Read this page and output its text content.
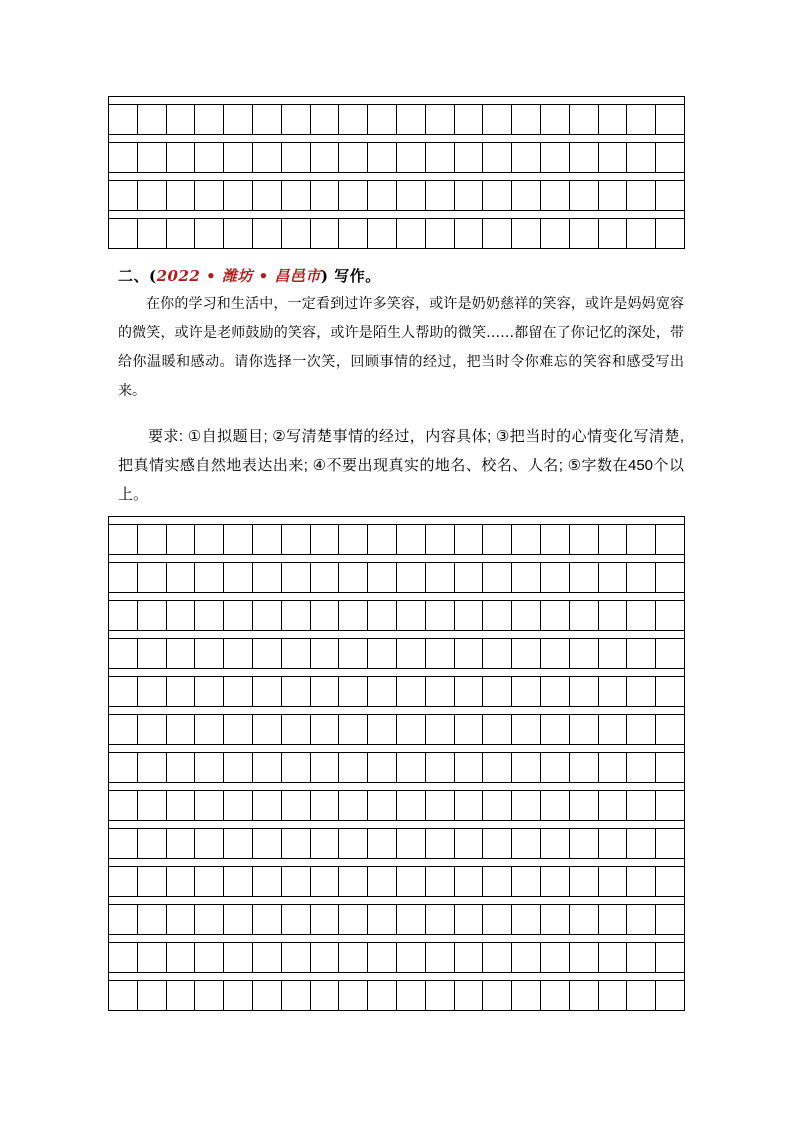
二、(2022 • 潍坊 • 昌邑市) 写作。

在你的学习和生活中，一定看到过许多笑容，或许是奶奶慈祥的笑容，或许是妈妈宽容的微笑，或许是老师鼓励的笑容，或许是陌生人帮助的微笑……都留在了你记忆的深处，带给你温暖和感动。请你选择一次笑，回顾事情的经过，把当时令你难忘的笑容和感受写出来。

要求: ①自拟题目; ②写清楚事情的经过，内容具体; ③把当时的心情变化写清楚, 把真情实感自然地表达出来; ④不要出现真实的地名、校名、人名; ⑤字数在450个以上。
